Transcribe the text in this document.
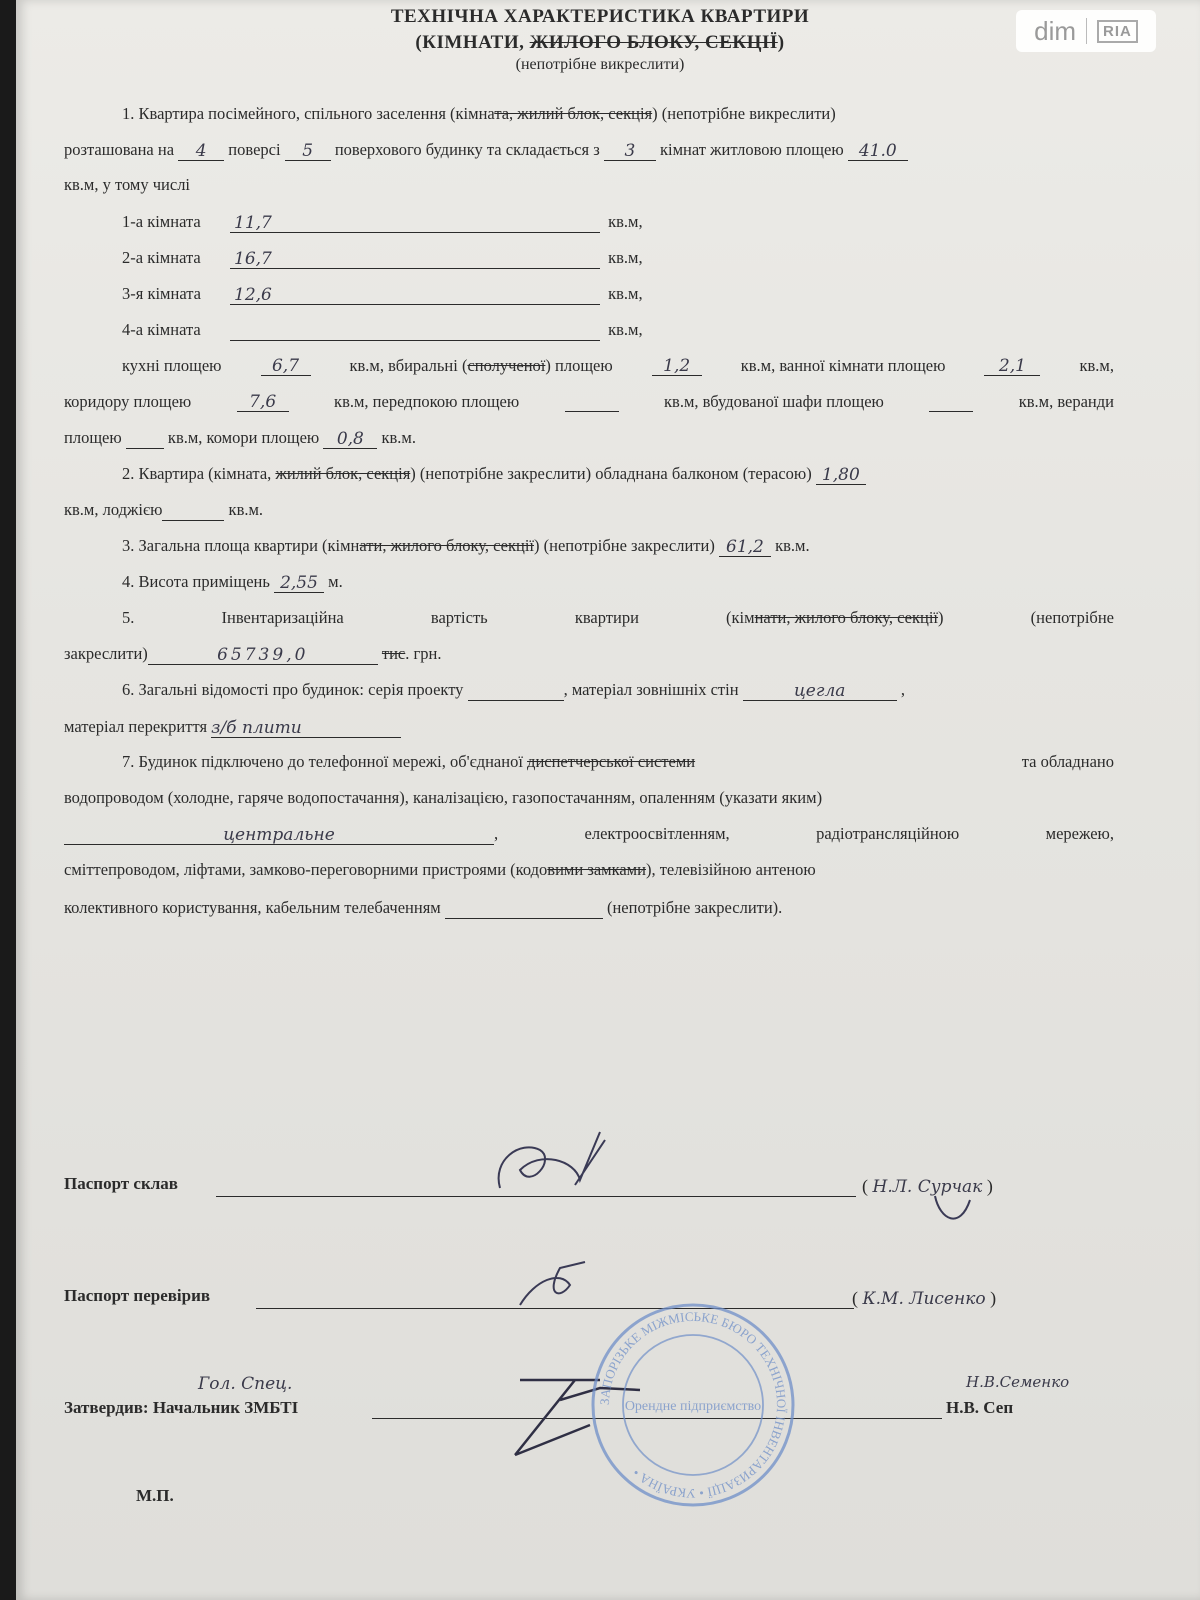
dim	RIA
ТЕХНІЧНА ХАРАКТЕРИСТИКА КВАРТИРИ
(КІМНАТИ, ЖИЛОГО БЛОКУ, СЕКЦІЇ)
(непотрібне викреслити)
1. Квартира посімейного, спільного заселення (кімната, жилий блок, секція) (непотрібне викреслити)
розташована на 4 поверсі 5 поверхового будинку та складається з 3 кімнат житловою площею 41.0
кв.м, у тому числі
1-а кімната 11,7	кв.м,
2-а кімната 16,7	кв.м,
3-я кімната 12,6	кв.м,
4-а кімната	кв.м,
кухні площею	6,7	кв.м, вбиральні (сполученої) площею	1,2	кв.м, ванної кімнати площею	2,1	кв.м,
коридору площею	7,6	кв.м, передпокою площею	кв.м, вбудованої шафи площею	кв.м, веранди
площею	кв.м, комори площею 0,8 кв.м.
2. Квартира (кімната, жилий блок, секція) (непотрібне закреслити) обладнана балконом (терасою) 1,80
кв.м, лоджією	кв.м.
3. Загальна площа квартири (кімнати, жилого блоку, секції) (непотрібне закреслити) 61,2 кв.м.
4. Висота приміщень 2,55 м.
5.	Інвентаризаційна	вартість	квартири	(кімнати, жилого блоку, секції)	(непотрібне
закреслити)	65739,0	тис. грн.
6. Загальні відомості про будинок: серія проекту	, матеріал зовнішніх стін	цегла	,
матеріал перекриття з/б плити
7. Будинок підключено до телефонної мережі, об'єднаної диспетчерської системи	та обладнано
водопроводом (холодне, гаряче водопостачання), каналізацією, газопостачанням, опаленням (указати яким)
центральне	,	електроосвітленням,	радіотрансляційною	мережею,
сміттепроводом, ліфтами, замково-переговорними пристроями (кодовими замками), телевізійною антеною
колективного користування, кабельним телебаченням	(непотрібне закреслити).
Паспорт склав	( Н.Л. Сурчак )
Паспорт перевірив	( К.М. Лисенко )
Гол. Спец.
Затвердив: Начальник ЗМБТІ
Н.В.Семенко
Н.В. Сеп
М.П.
ЗАПОРІЗЬКЕ МІЖМІСЬКЕ БЮРО ТЕХНІЧНОЇ ІНВЕНТАРИЗАЦІЇ • УКРАЇНА •
Орендне підприємство
